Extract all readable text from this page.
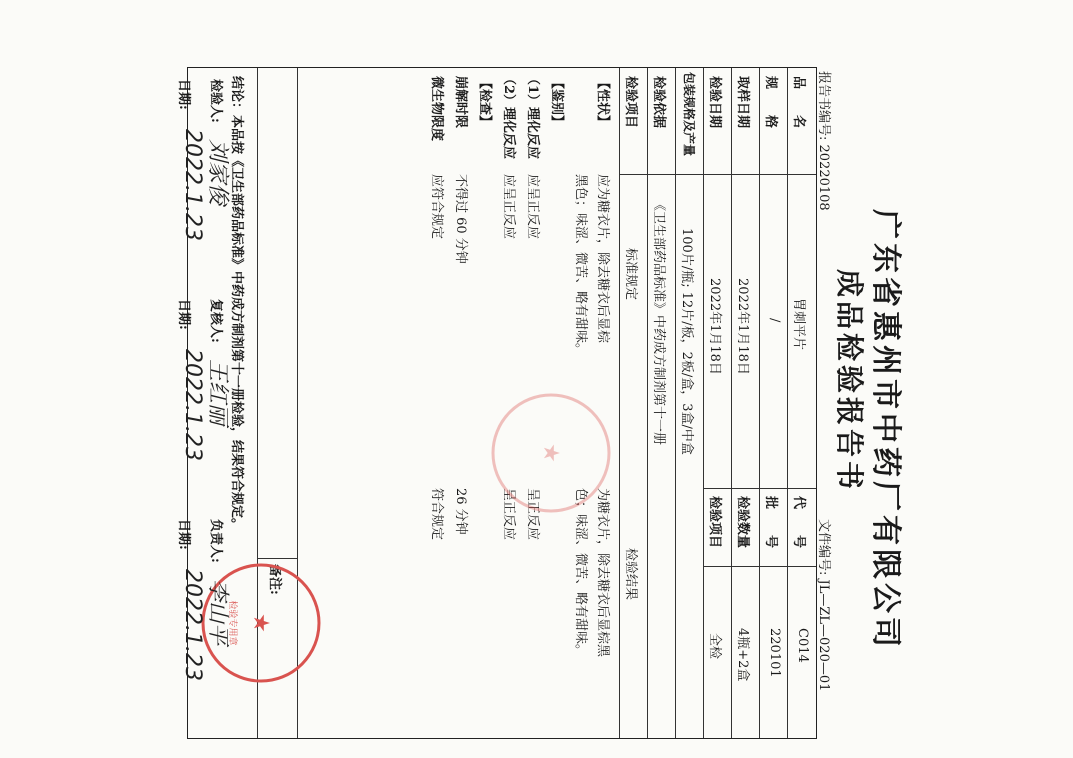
广东省惠州市中药厂有限公司
成品检验报告书
报告书编号: 20220108
文件编号: JL—ZL—020—01
品　　名
胃刺平片
代　　号
C014
规　　格
/
批　　号
220101
取样日期
2022年1月18日
检验数量
4瓶+2盒
检验日期
2022年1月18日
检验项目
全检
包装规格及产量
100片/瓶; 12片/板，2板/盒，3盒/中盒
检验依据
《卫生部药品标准》中药成方制剂第十一册
检验项目
标准规定
检验结果
【性状】
应为糖衣片，除去糖衣后显棕
黑色；味涩、微苦、略有甜味。
为糖衣片，除去糖衣后显棕黑
色；味涩、微苦、略有甜味。
【鉴别】
（1）理化反应
应呈正反应
呈正反应
（2）理化反应
应呈正反应
呈正反应
【检查】
崩解时限
不得过 60 分钟
26 分钟
微生物限度
应符合规定
符合规定
备注:
结论：本品按《卫生部药品标准》中药成方制剂第十一册检验，结果符合规定。
★
检验专用章
★
检验人:
刘家俊
日期:
2022.1.23
复核人:
王红丽
日期:
2022.1.23
负责人:
李山平
日期:
2022.1.23
